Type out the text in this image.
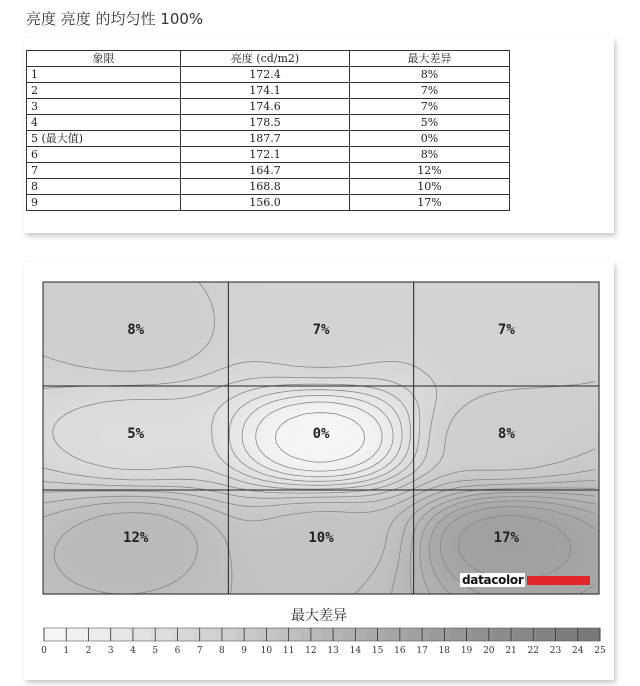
亮度 亮度 的均匀性 100%
象限	亮度 (cd/m2)	最大差异
1	172.4	8%
2	174.1	7%
3	174.6	7%
4	178.5	5%
5 (最大值)	187.7	0%
6	172.1	8%
7	164.7	12%
8	168.8	10%
9	156.0	17%
8%	7%	7%
5%	0%	8%
12%	10%	17%
0 1 2 3 4 5 6 7 8 9 10 11 12 13 14 15 16 17 18 19 20 21 22 23 24 25
最大差异
datacolor
